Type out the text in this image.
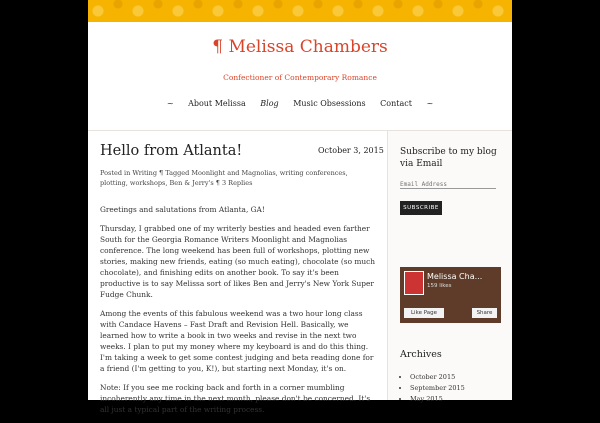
¶ Melissa Chambers
Confectioner of Contemporary Romance
~ About Melissa Blog Music Obsessions Contact ~
Hello from Atlanta!	October 3, 2015
Posted in Writing ¶ Tagged Moonlight and Magnolias, writing conferences, plotting, workshops, Ben & Jerry's ¶ 3 Replies

Greetings and salutations from Atlanta, GA!

Thursday, I grabbed one of my writerly besties and headed even farther South for the Georgia Romance Writers Moonlight and Magnolias conference. The long weekend has been full of workshops, plotting new stories, making new friends, eating (so much eating), chocolate (so much chocolate), and finishing edits on another book. To say it's been productive is to say Melissa sort of likes Ben and Jerry's New York Super Fudge Chunk.

Among the events of this fabulous weekend was a two hour long class with Candace Havens – Fast Draft and Revision Hell. Basically, we learned how to write a book in two weeks and revise in the next two weeks. I plan to put my money where my keyboard is and do this thing. I'm taking a week to get some contest judging and beta reading done for a friend (I'm getting to you, K!), but starting next Monday, it's on.

Note: If you see me rocking back and forth in a corner mumbling incoherently any time in the next month, please don't be concerned. It's all just a typical part of the writing process.

Subscribe to my blog via Email
Email Address
SUBSCRIBE
Melissa Cha...
159 likes
Like Page	Share
Archives
• October 2015
• September 2015
• May 2015
